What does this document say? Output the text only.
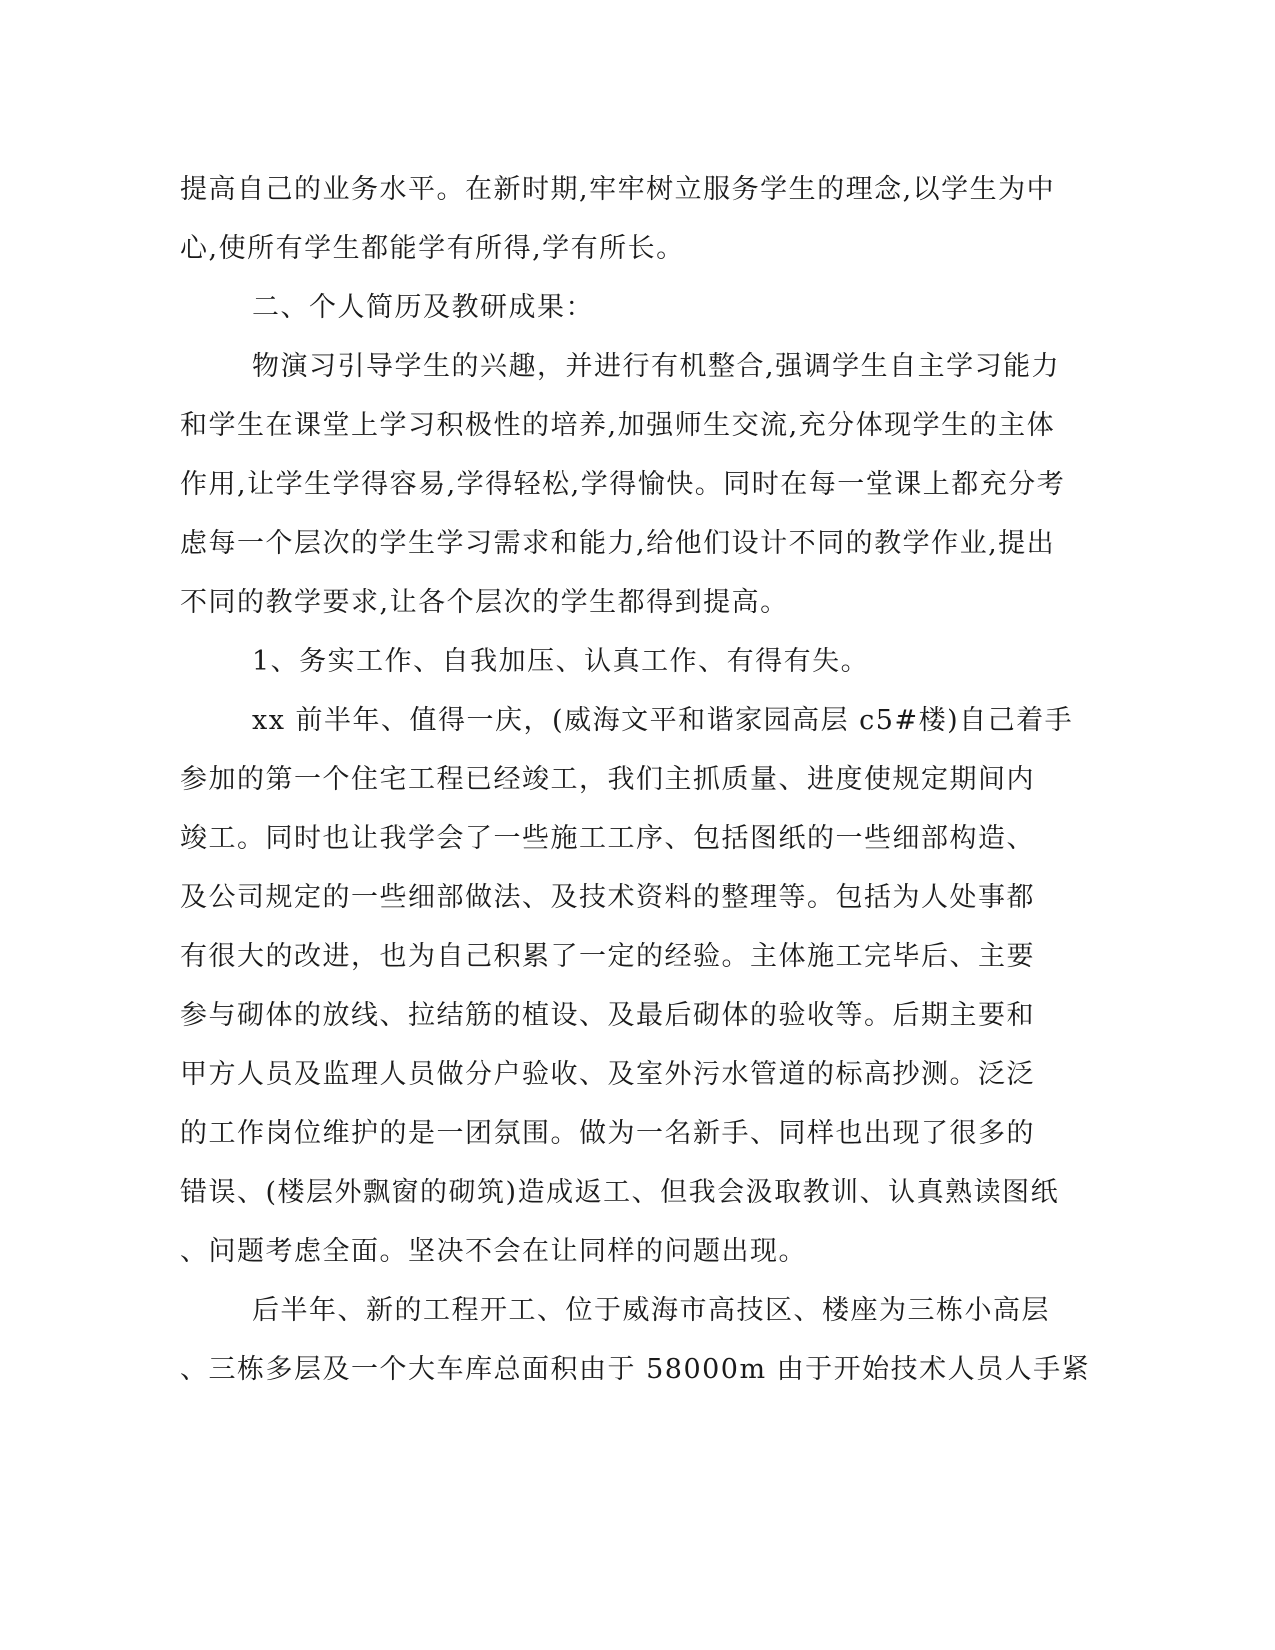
提高自己的业务水平。在新时期,牢牢树立服务学生的理念,以学生为中
心,使所有学生都能学有所得,学有所长。
二、个人简历及教研成果：
物演习引导学生的兴趣，并进行有机整合,强调学生自主学习能力
和学生在课堂上学习积极性的培养,加强师生交流,充分体现学生的主体
作用,让学生学得容易,学得轻松,学得愉快。同时在每一堂课上都充分考
虑每一个层次的学生学习需求和能力,给他们设计不同的教学作业,提出
不同的教学要求,让各个层次的学生都得到提高。
1、务实工作、自我加压、认真工作、有得有失。
xx 前半年、值得一庆，(威海文平和谐家园高层 c5#楼)自己着手
参加的第一个住宅工程已经竣工，我们主抓质量、进度使规定期间内
竣工。同时也让我学会了一些施工工序、包括图纸的一些细部构造、
及公司规定的一些细部做法、及技术资料的整理等。包括为人处事都
有很大的改进，也为自己积累了一定的经验。主体施工完毕后、主要
参与砌体的放线、拉结筋的植设、及最后砌体的验收等。后期主要和
甲方人员及监理人员做分户验收、及室外污水管道的标高抄测。泛泛
的工作岗位维护的是一团氛围。做为一名新手、同样也出现了很多的
错误、(楼层外飘窗的砌筑)造成返工、但我会汲取教训、认真熟读图纸
、问题考虑全面。坚决不会在让同样的问题出现。
后半年、新的工程开工、位于威海市高技区、楼座为三栋小高层
、三栋多层及一个大车库总面积由于 58000m 由于开始技术人员人手紧
